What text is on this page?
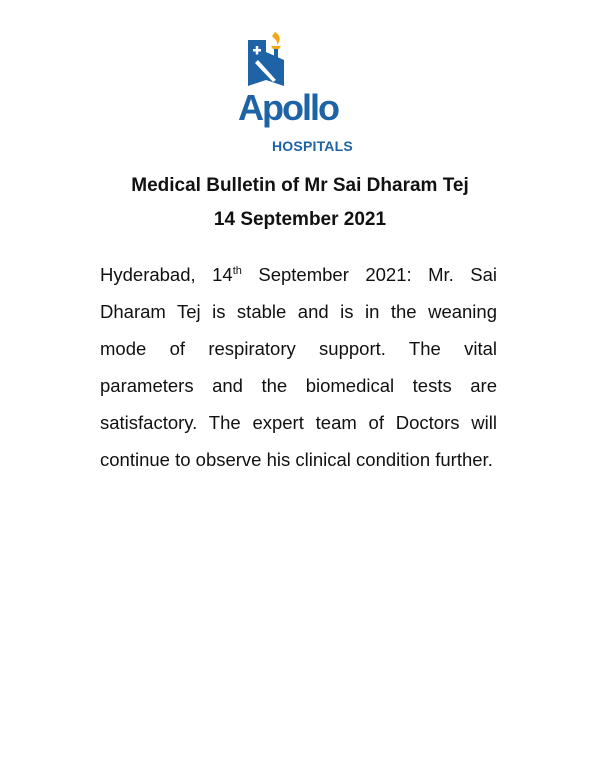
Apollo
HOSPITALS
Medical Bulletin of Mr Sai Dharam Tej
14 September 2021

Hyderabad, 14th September 2021: Mr. Sai Dharam Tej is stable and is in the weaning mode of respiratory support. The vital parameters and the biomedical tests are satisfactory. The expert team of Doctors will continue to observe his clinical condition further.
